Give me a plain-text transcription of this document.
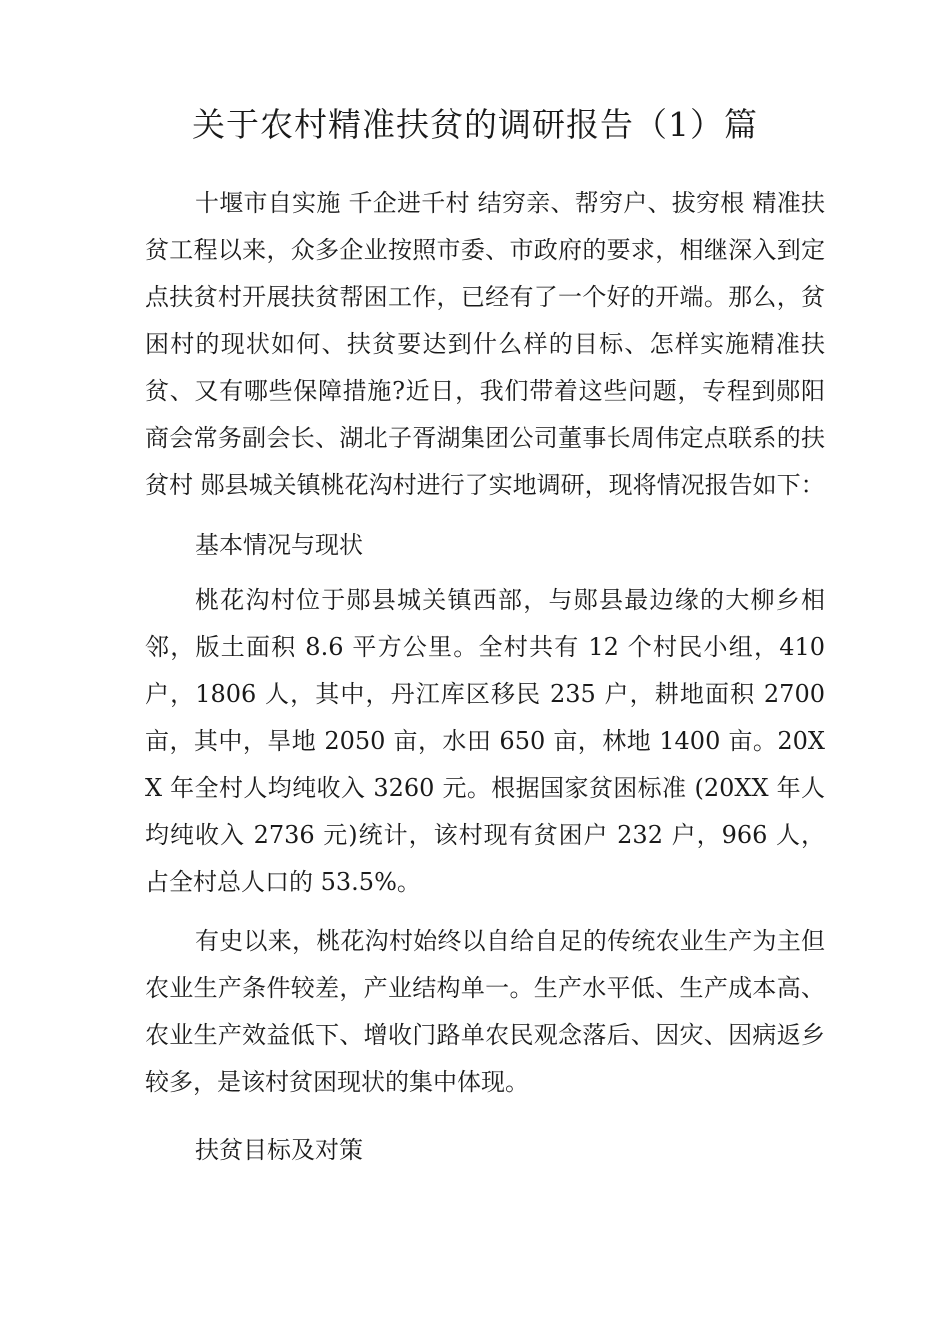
关于农村精准扶贫的调研报告（1）篇

十堰市自实施 千企进千村 结穷亲、帮穷户、拔穷根 精准扶贫工程以来，众多企业按照市委、市政府的要求，相继深入到定点扶贫村开展扶贫帮困工作，已经有了一个好的开端。那么，贫困村的现状如何、扶贫要达到什么样的目标、怎样实施精准扶贫、又有哪些保障措施?近日，我们带着这些问题，专程到郧阳商会常务副会长、湖北子胥湖集团公司董事长周伟定点联系的扶贫村 郧县城关镇桃花沟村进行了实地调研，现将情况报告如下：

基本情况与现状

桃花沟村位于郧县城关镇西部，与郧县最边缘的大柳乡相邻，版土面积 8.6 平方公里。全村共有 12 个村民小组，410 户，1806 人，其中，丹江库区移民 235 户，耕地面积 2700 亩，其中，旱地 2050 亩，水田 650 亩，林地 1400 亩。20XX 年全村人均纯收入 3260 元。根据国家贫困标准 (20XX 年人均纯收入 2736 元)统计，该村现有贫困户 232 户，966 人，占全村总人口的 53.5%。

有史以来，桃花沟村始终以自给自足的传统农业生产为主但农业生产条件较差，产业结构单一。生产水平低、生产成本高、农业生产效益低下、增收门路单农民观念落后、因灾、因病返乡较多，是该村贫困现状的集中体现。

扶贫目标及对策
